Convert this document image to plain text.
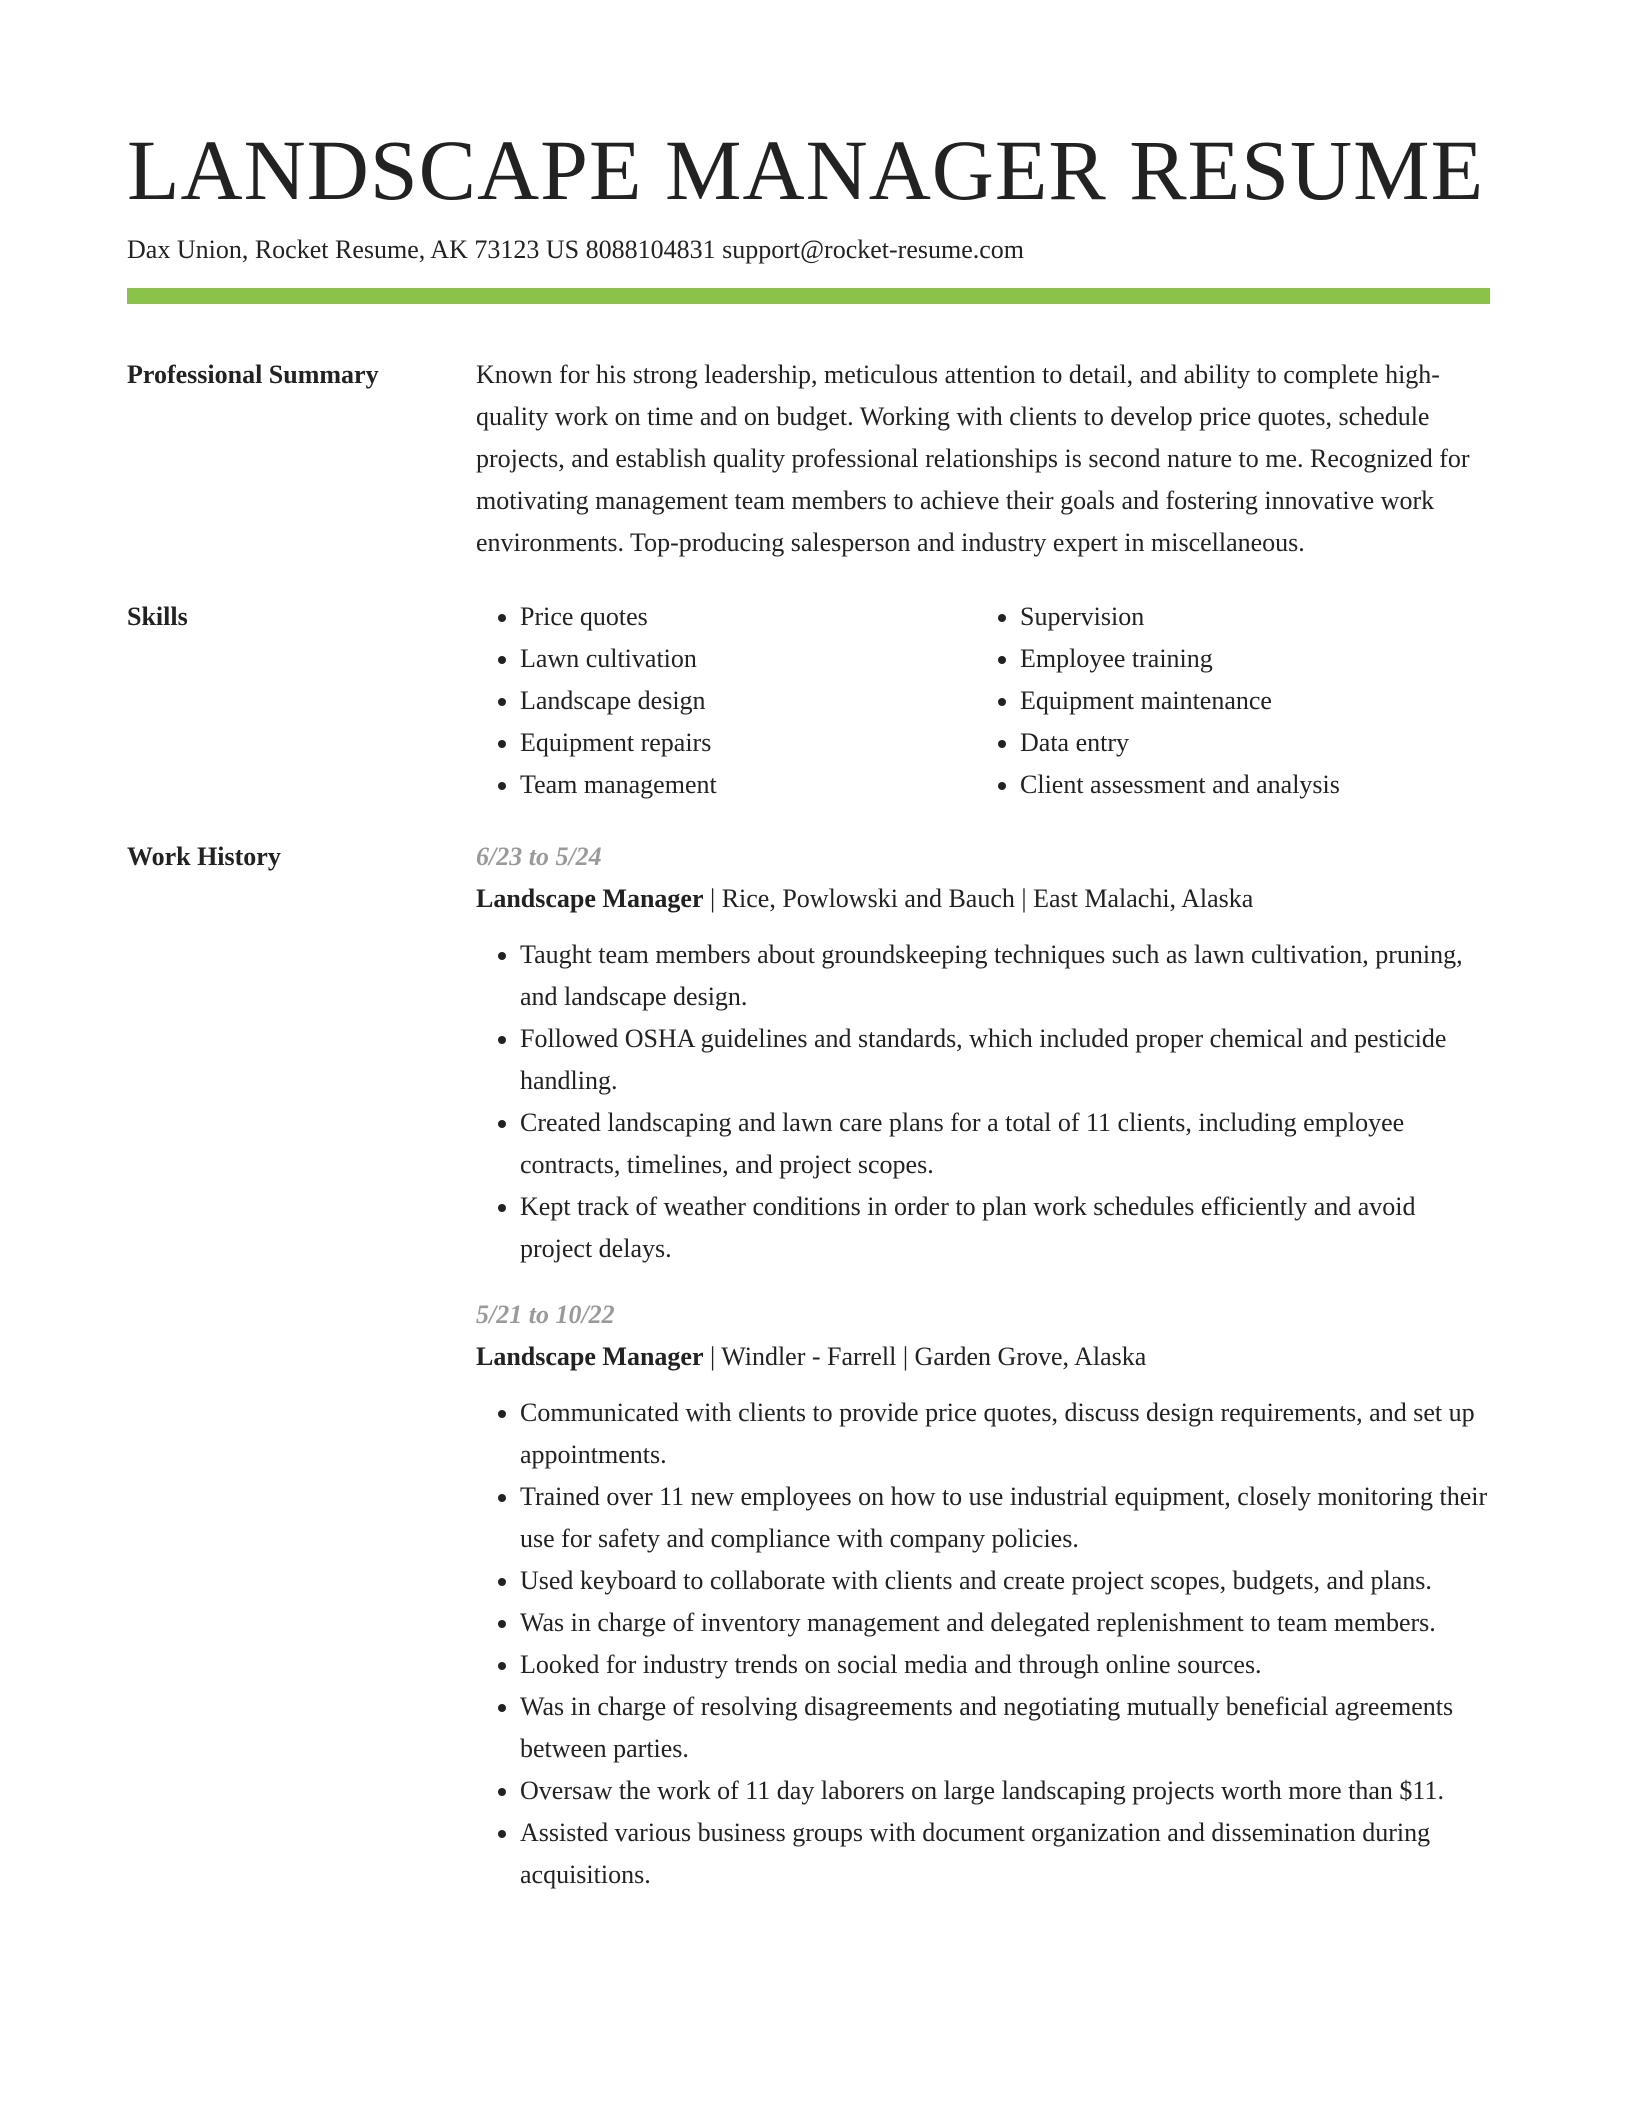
LANDSCAPE MANAGER RESUME
Dax Union, Rocket Resume, AK 73123 US 8088104831 support@rocket-resume.com
Professional Summary	Known for his strong leadership, meticulous attention to detail, and ability to complete high-quality work on time and on budget. Working with clients to develop price quotes, schedule projects, and establish quality professional relationships is second nature to me. Recognized for motivating management team members to achieve their goals and fostering innovative work environments. Top-producing salesperson and industry expert in miscellaneous.

Skills
•	Price quotes
• Lawn cultivation
• Landscape design
• Equipment repairs
• Team management
• Supervision
• Employee training
• Equipment maintenance
• Data entry
• Client assessment and analysis
Work History	6/23 to 5/24
Landscape Manager | Rice, Powlowski and Bauch | East Malachi, Alaska
• Taught team members about groundskeeping techniques such as lawn cultivation, pruning, and landscape design.
• Followed OSHA guidelines and standards, which included proper chemical and pesticide handling.
• Created landscaping and lawn care plans for a total of 11 clients, including employee contracts, timelines, and project scopes.
• Kept track of weather conditions in order to plan work schedules efficiently and avoid project delays.
5/21 to 10/22
Landscape Manager | Windler - Farrell | Garden Grove, Alaska
• Communicated with clients to provide price quotes, discuss design requirements, and set up appointments.
• Trained over 11 new employees on how to use industrial equipment, closely monitoring their use for safety and compliance with company policies.
• Used keyboard to collaborate with clients and create project scopes, budgets, and plans.
• Was in charge of inventory management and delegated replenishment to team members.
• Looked for industry trends on social media and through online sources.
• Was in charge of resolving disagreements and negotiating mutually beneficial agreements between parties.
• Oversaw the work of 11 day laborers on large landscaping projects worth more than $11.
• Assisted various business groups with document organization and dissemination during acquisitions.
